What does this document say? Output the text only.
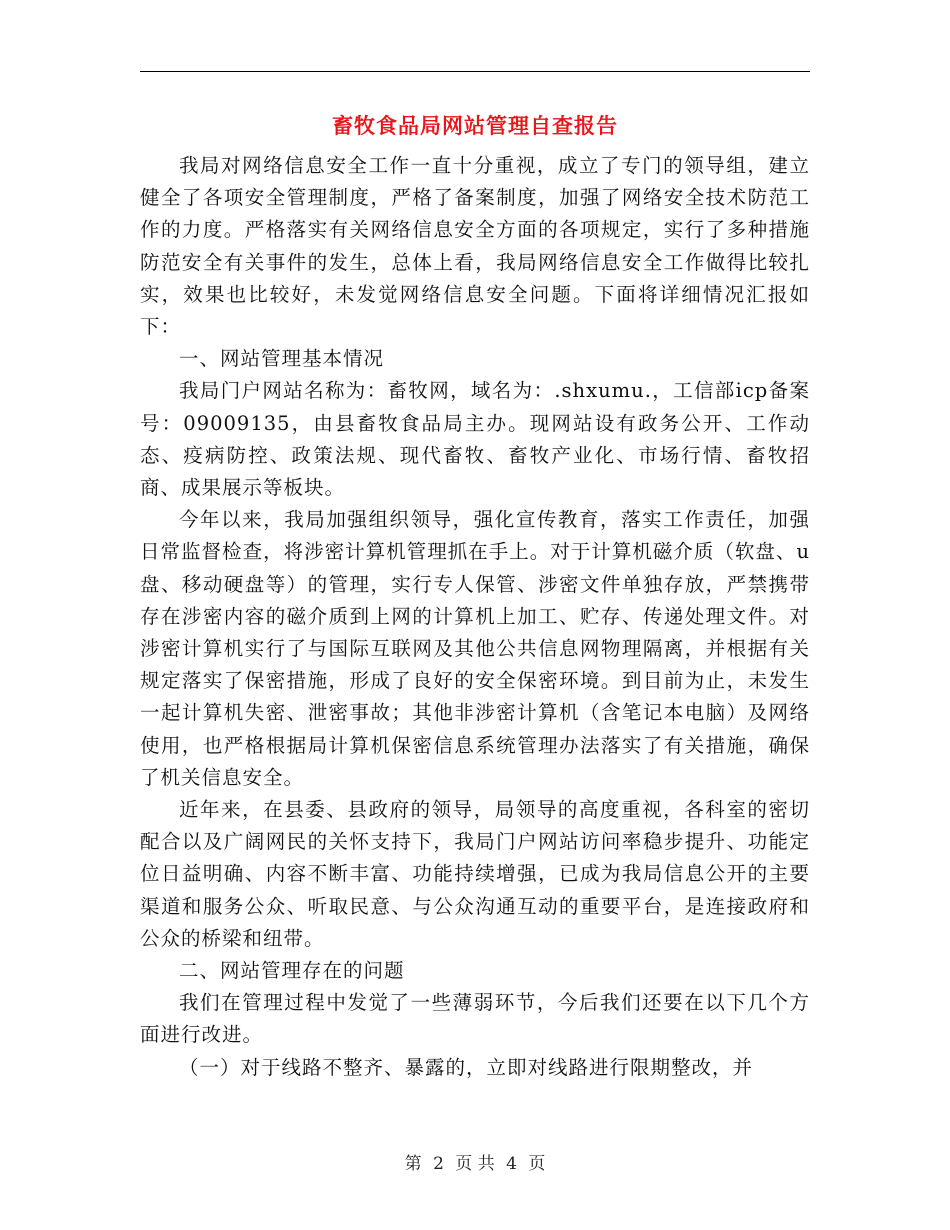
畜牧食品局网站管理自查报告

我局对网络信息安全工作一直十分重视，成立了专门的领导组，建立健全了各项安全管理制度，严格了备案制度，加强了网络安全技术防范工作的力度。严格落实有关网络信息安全方面的各项规定，实行了多种措施防范安全有关事件的发生，总体上看，我局网络信息安全工作做得比较扎实，效果也比较好，未发觉网络信息安全问题。下面将详细情况汇报如下：

一、网站管理基本情况

我局门户网站名称为：畜牧网，域名为：.shxumu.，工信部icp备案号：09009135，由县畜牧食品局主办。现网站设有政务公开、工作动态、疫病防控、政策法规、现代畜牧、畜牧产业化、市场行情、畜牧招商、成果展示等板块。

今年以来，我局加强组织领导，强化宣传教育，落实工作责任，加强日常监督检查，将涉密计算机管理抓在手上。对于计算机磁介质（软盘、u盘、移动硬盘等）的管理，实行专人保管、涉密文件单独存放，严禁携带存在涉密内容的磁介质到上网的计算机上加工、贮存、传递处理文件。对涉密计算机实行了与国际互联网及其他公共信息网物理隔离，并根据有关规定落实了保密措施，形成了良好的安全保密环境。到目前为止，未发生一起计算机失密、泄密事故；其他非涉密计算机（含笔记本电脑）及网络使用，也严格根据局计算机保密信息系统管理办法落实了有关措施，确保了机关信息安全。

近年来，在县委、县政府的领导，局领导的高度重视，各科室的密切配合以及广阔网民的关怀支持下，我局门户网站访问率稳步提升、功能定位日益明确、内容不断丰富、功能持续增强，已成为我局信息公开的主要渠道和服务公众、听取民意、与公众沟通互动的重要平台，是连接政府和公众的桥梁和纽带。

二、网站管理存在的问题

我们在管理过程中发觉了一些薄弱环节，今后我们还要在以下几个方面进行改进。

（一）对于线路不整齐、暴露的，立即对线路进行限期整改，并

第 2 页 共 4 页
